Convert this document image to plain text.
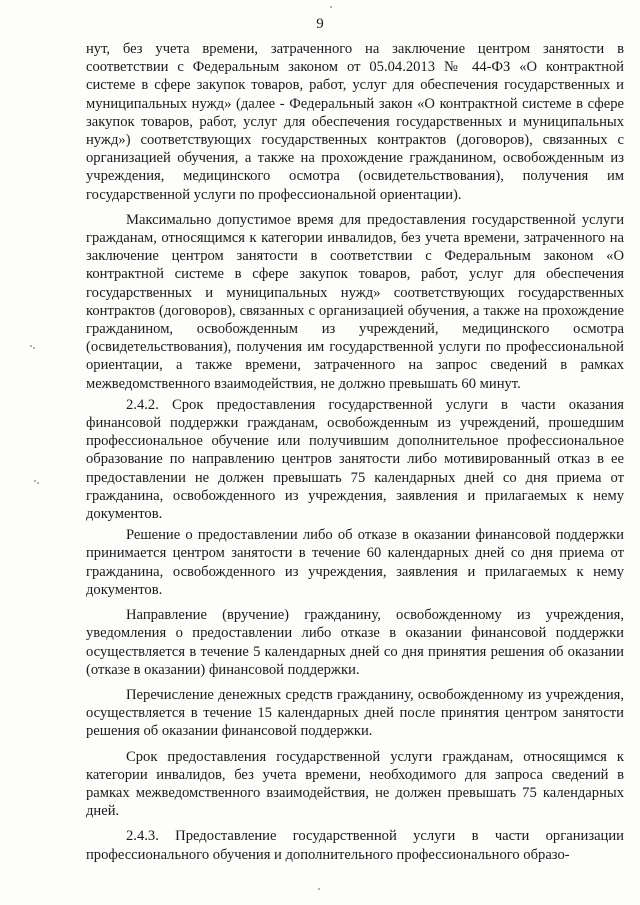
9

нут, без учета времени, затраченного на заключение центром занятости в соответствии с Федеральным законом от 05.04.2013 № 44-ФЗ «О контрактной системе в сфере закупок товаров, работ, услуг для обеспечения государственных и муниципальных нужд» (далее - Федеральный закон «О контрактной системе в сфере закупок товаров, работ, услуг для обеспечения государственных и муниципальных нужд») соответствующих государственных контрактов (договоров), связанных с организацией обучения, а также на прохождение гражданином, освобожденным из учреждения, медицинского осмотра (освидетельствования), получения им государственной услуги по профессиональной ориентации).

Максимально допустимое время для предоставления государственной услуги гражданам, относящимся к категории инвалидов, без учета времени, затраченного на заключение центром занятости в соответствии с Федеральным законом «О контрактной системе в сфере закупок товаров, работ, услуг для обеспечения государственных и муниципальных нужд» соответствующих государственных контрактов (договоров), связанных с организацией обучения, а также на прохождение гражданином, освобожденным из учреждений, медицинского осмотра (освидетельствования), получения им государственной услуги по профессиональной ориентации, а также времени, затраченного на запрос сведений в рамках межведомственного взаимодействия, не должно превышать 60 минут.

2.4.2. Срок предоставления государственной услуги в части оказания финансовой поддержки гражданам, освобожденным из учреждений, прошедшим профессиональное обучение или получившим дополнительное профессиональное образование по направлению центров занятости либо мотивированный отказ в ее предоставлении не должен превышать 75 календарных дней со дня приема от гражданина, освобожденного из учреждения, заявления и прилагаемых к нему документов.

Решение о предоставлении либо об отказе в оказании финансовой поддержки принимается центром занятости в течение 60 календарных дней со дня приема от гражданина, освобожденного из учреждения, заявления и прилагаемых к нему документов.

Направление (вручение) гражданину, освобожденному из учреждения, уведомления о предоставлении либо отказе в оказании финансовой поддержки осуществляется в течение 5 календарных дней со дня принятия решения об оказании (отказе в оказании) финансовой поддержки.

Перечисление денежных средств гражданину, освобожденному из учреждения, осуществляется в течение 15 календарных дней после принятия центром занятости решения об оказании финансовой поддержки.

Срок предоставления государственной услуги гражданам, относящимся к категории инвалидов, без учета времени, необходимого для запроса сведений в рамках межведомственного взаимодействия, не должен превышать 75 календарных дней.

2.4.3. Предоставление государственной услуги в части организации профессионального обучения и дополнительного профессионального образо-
